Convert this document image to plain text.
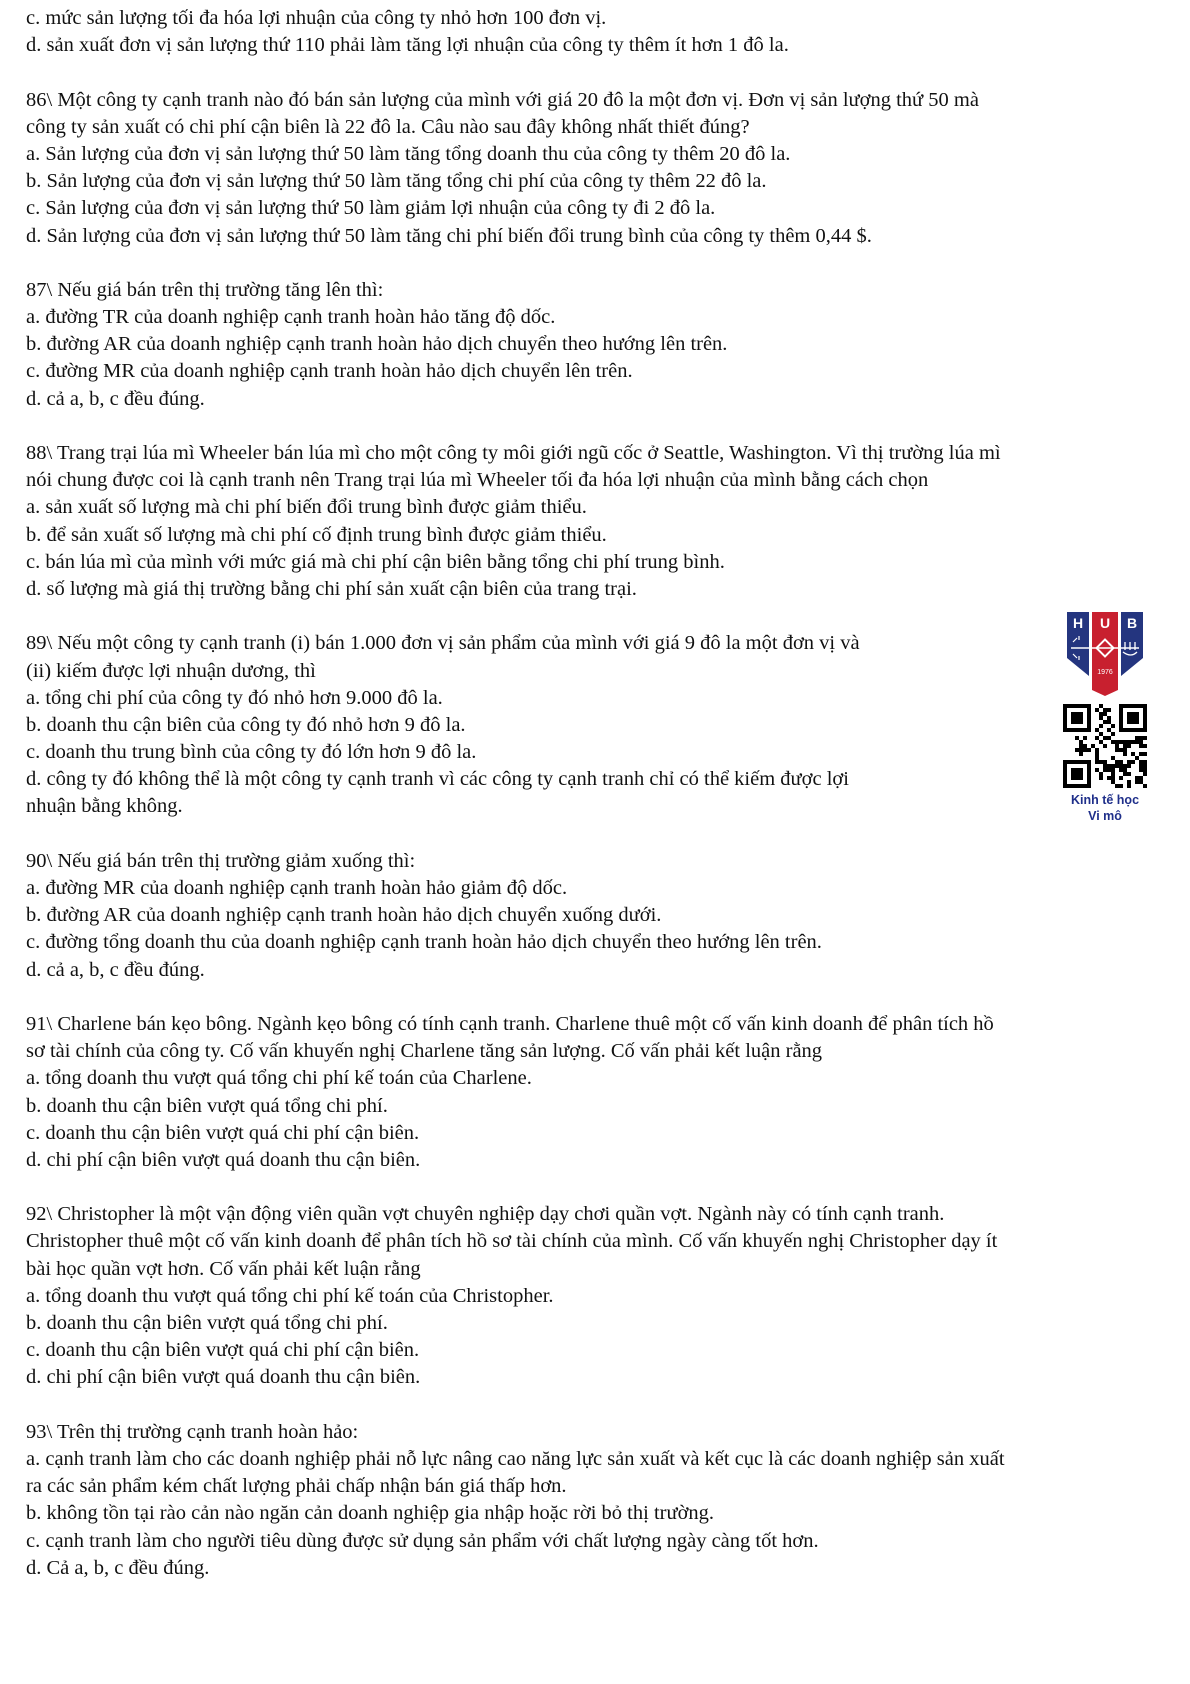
c. mức sản lượng tối đa hóa lợi nhuận của công ty nhỏ hơn 100 đơn vị.
d. sản xuất đơn vị sản lượng thứ 110 phải làm tăng lợi nhuận của công ty thêm ít hơn 1 đô la.
86\ Một công ty cạnh tranh nào đó bán sản lượng của mình với giá 20 đô la một đơn vị. Đơn vị sản lượng thứ 50 mà
công ty sản xuất có chi phí cận biên là 22 đô la. Câu nào sau đây không nhất thiết đúng?
a. Sản lượng của đơn vị sản lượng thứ 50 làm tăng tổng doanh thu của công ty thêm 20 đô la.
b. Sản lượng của đơn vị sản lượng thứ 50 làm tăng tổng chi phí của công ty thêm 22 đô la.
c. Sản lượng của đơn vị sản lượng thứ 50 làm giảm lợi nhuận của công ty đi 2 đô la.
d. Sản lượng của đơn vị sản lượng thứ 50 làm tăng chi phí biến đổi trung bình của công ty thêm 0,44 $.
87\ Nếu giá bán trên thị trường tăng lên thì:
a. đường TR của doanh nghiệp cạnh tranh hoàn hảo tăng độ dốc.
b. đường AR của doanh nghiệp cạnh tranh hoàn hảo dịch chuyển theo hướng lên trên.
c. đường MR của doanh nghiệp cạnh tranh hoàn hảo dịch chuyển lên trên.
d. cả a, b, c đều đúng.
88\ Trang trại lúa mì Wheeler bán lúa mì cho một công ty môi giới ngũ cốc ở Seattle, Washington. Vì thị trường lúa mì
nói chung được coi là cạnh tranh nên Trang trại lúa mì Wheeler tối đa hóa lợi nhuận của mình bằng cách chọn
a. sản xuất số lượng mà chi phí biến đổi trung bình được giảm thiểu.
b. để sản xuất số lượng mà chi phí cố định trung bình được giảm thiểu.
c. bán lúa mì của mình với mức giá mà chi phí cận biên bằng tổng chi phí trung bình.
d. số lượng mà giá thị trường bằng chi phí sản xuất cận biên của trang trại.
89\ Nếu một công ty cạnh tranh (i) bán 1.000 đơn vị sản phẩm của mình với giá 9 đô la một đơn vị và
(ii) kiếm được lợi nhuận dương, thì
a. tổng chi phí của công ty đó nhỏ hơn 9.000 đô la.
b. doanh thu cận biên của công ty đó nhỏ hơn 9 đô la.
c. doanh thu trung bình của công ty đó lớn hơn 9 đô la.
d. công ty đó không thể là một công ty cạnh tranh vì các công ty cạnh tranh chỉ có thể kiếm được lợi
nhuận bằng không.
90\ Nếu giá bán trên thị trường giảm xuống thì:
a. đường MR của doanh nghiệp cạnh tranh hoàn hảo giảm độ dốc.
b. đường AR của doanh nghiệp cạnh tranh hoàn hảo dịch chuyển xuống dưới.
c. đường tổng doanh thu của doanh nghiệp cạnh tranh hoàn hảo dịch chuyển theo hướng lên trên.
d. cả a, b, c đều đúng.
91\ Charlene bán kẹo bông. Ngành kẹo bông có tính cạnh tranh. Charlene thuê một cố vấn kinh doanh để phân tích hồ
sơ tài chính của công ty. Cố vấn khuyến nghị Charlene tăng sản lượng. Cố vấn phải kết luận rằng
a. tổng doanh thu vượt quá tổng chi phí kế toán của Charlene.
b. doanh thu cận biên vượt quá tổng chi phí.
c. doanh thu cận biên vượt quá chi phí cận biên.
d. chi phí cận biên vượt quá doanh thu cận biên.
92\ Christopher là một vận động viên quần vợt chuyên nghiệp dạy chơi quần vợt. Ngành này có tính cạnh tranh.
Christopher thuê một cố vấn kinh doanh để phân tích hồ sơ tài chính của mình. Cố vấn khuyến nghị Christopher dạy ít
bài học quần vợt hơn. Cố vấn phải kết luận rằng
a. tổng doanh thu vượt quá tổng chi phí kế toán của Christopher.
b. doanh thu cận biên vượt quá tổng chi phí.
c. doanh thu cận biên vượt quá chi phí cận biên.
d. chi phí cận biên vượt quá doanh thu cận biên.
93\ Trên thị trường cạnh tranh hoàn hảo:
a. cạnh tranh làm cho các doanh nghiệp phải nỗ lực nâng cao năng lực sản xuất và kết cục là các doanh nghiệp sản xuất
ra các sản phẩm kém chất lượng phải chấp nhận bán giá thấp hơn.
b. không tồn tại rào cản nào ngăn cản doanh nghiệp gia nhập hoặc rời bỏ thị trường.
c. cạnh tranh làm cho người tiêu dùng được sử dụng sản phẩm với chất lượng ngày càng tốt hơn.
d. Cả a, b, c đều đúng.
H U B
1976
Kinh tế học
Vi mô
